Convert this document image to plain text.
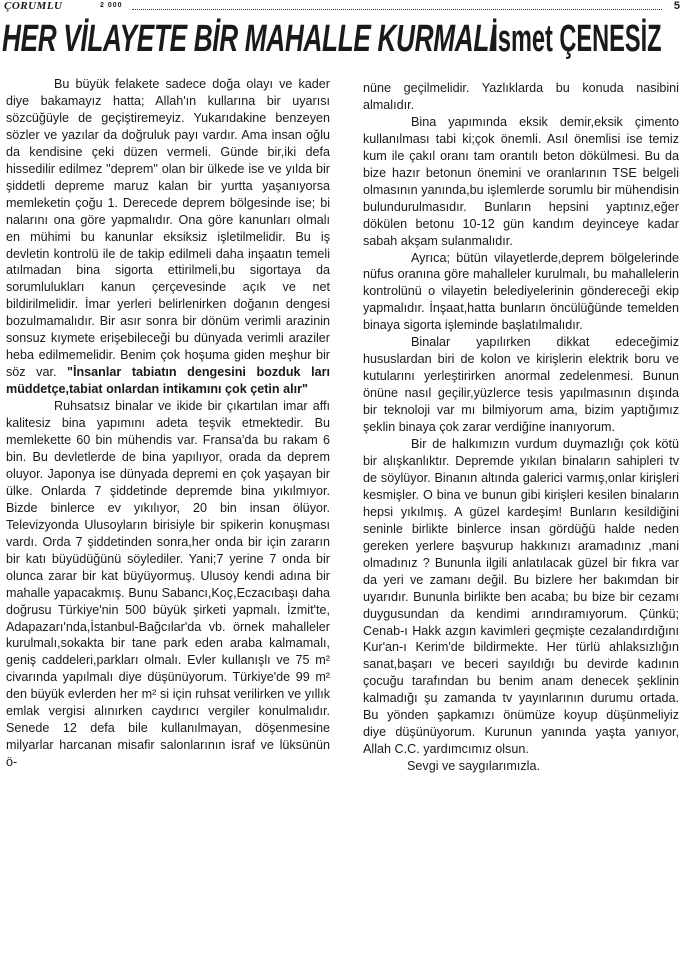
ÇORUMLU	2 000	5
HER VİLAYETE BİR MAHALLE KURMALI
İsmet ÇENESİZ

Bu büyük felakete sadece doğa olayı ve kader diye bakamayız hatta; Allah'ın kullarına bir uyarısı sözcüğüyle de geçiştiremeyiz. Yukarıdakine benzeyen sözler ve yazılar da doğruluk payı vardır. Ama insan oğlu da kendisine çeki düzen vermeli. Günde bir,iki defa hissedilir edilmez "deprem" olan bir ülkede ise ve yılda bir şiddetli depreme maruz kalan bir yurtta yaşanıyorsa memleketin çoğu 1. Derecede deprem bölgesinde ise; bi nalarını ona göre yapmalıdır. Ona göre kanunları olmalı en mühimi bu kanunlar eksiksiz işletilmelidir. Bu iş devletin kontrolü ile de takip edilmeli daha inşaatın temeli atılmadan bina sigorta ettirilmeli,bu sigortaya da sorumlulukları kanun çerçevesinde açık ve net bildirilmelidir. İmar yerleri belirlenirken doğanın dengesi bozulmamalıdır. Bir asır sonra bir dönüm verimli arazinin sonsuz kıymete erişebileceği bu dünyada verimli araziler heba edilmemelidir. Benim çok hoşuma giden meşhur bir söz var. "İnsanlar tabiatın dengesini bozduk ları müddetçe,tabiat onlardan intikamını çok çetin alır"

Ruhsatsız binalar ve ikide bir çıkartılan imar affı kalitesiz bina yapımını adeta teşvik etmektedir. Bu memlekette 60 bin mühendis var. Fransa'da bu rakam 6 bin. Bu devletlerde de bina yapılıyor, orada da deprem oluyor. Japonya ise dünyada depremi en çok yaşayan bir ülke. Onlarda 7 şiddetinde depremde bina yıkılmıyor. Bizde binlerce ev yıkılıyor, 20 bin insan ölüyor. Televizyonda Ulusoyların birisiyle bir spikerin konuşması vardı. Orda 7 şiddetinden sonra,her onda bir için zararın bir katı büyüdüğünü söylediler. Yani;7 yerine 7 onda bir olunca zarar bir kat büyüyormuş. Ulusoy kendi adına bir mahalle yapacakmış. Bunu Sabancı,Koç,Eczacıbaşı daha doğrusu Türkiye'nin 500 büyük şirketi yapmalı. İzmit'te, Adapazarı'nda,İstanbul-Bağcılar'da vb. örnek mahalleler kurulmalı,sokakta bir tane park eden araba kalmamalı, geniş caddeleri,parkları olmalı. Evler kullanışlı ve 75 m² civarında yapılmalı diye düşünüyorum. Türkiye'de 99 m² den büyük evlerden her m² si için ruhsat verilirken ve yıllık emlak vergisi alınırken caydırıcı vergiler konulmalıdır. Senede 12 defa bile kullanılmayan, döşenmesine milyarlar harcanan misafir salonlarının israf ve lüksünün ö-

nüne geçilmelidir. Yazlıklarda bu konuda nasibini almalıdır.

Bina yapımında eksik demir,eksik çimento kullanılması tabi ki;çok önemli. Asıl önemlisi ise temiz kum ile çakıl oranı tam orantılı beton dökülmesi. Bu da bize hazır betonun önemini ve oranlarının TSE belgeli olmasının yanında,bu işlemlerde sorumlu bir mühendisin bulundurulmasıdır. Bunların hepsini yaptınız,eğer dökülen betonu 10-12 gün kandım deyinceye kadar sabah akşam sulanmalıdır.

Ayrıca; bütün vilayetlerde,deprem bölgelerinde nüfus oranına göre mahalleler kurulmalı, bu mahallelerin kontrolünü o vilayetin belediyelerinin göndereceği ekip yapmalıdır. İnşaat,hatta bunların öncülüğünde temelden binaya sigorta işleminde başlatılmalıdır.

Binalar yapılırken dikkat edeceğimiz hususlardan biri de kolon ve kirişlerin elektrik boru ve kutularını yerleştirirken anormal zedelenmesi. Bunun önüne nasıl geçilir,yüzlerce tesis yapılmasının dışında bir teknoloji var mı bilmiyorum ama, bizim yaptığımız şeklin binaya çok zarar verdiğine inanıyorum.

Bir de halkımızın vurdum duymazlığı çok kötü bir alışkanlıktır. Depremde yıkılan binaların sahipleri tv de söylüyor. Binanın altında galerici varmış,onlar kirişleri kesmişler. O bina ve bunun gibi kirişleri kesilen binaların hepsi yıkılmış. A güzel kardeşim! Bunların kesildiğini seninle birlikte binlerce insan gördüğü halde neden gereken yerlere başvurup hakkınızı aramadınız ,mani olmadınız ? Bununla ilgili anlatılacak güzel bir fıkra var da yeri ve zamanı değil. Bu bizlere her bakımdan bir uyarıdır. Bununla birlikte ben acaba; bu bize bir cezamı duygusundan da kendimi arındıramıyorum. Çünkü; Cenab-ı Hakk azgın kavimleri geçmişte cezalandırdığını Kur'an-ı Kerim'de bildirmekte. Her türlü ahlaksızlığın sanat,başarı ve beceri sayıldığı bu devirde kadının çocuğu tarafından bu benim anam denecek şeklinin kalmadığı şu zamanda tv yayınlarının durumu ortada. Bu yönden şapkamızı önümüze koyup düşünmeliyiz diye düşünüyorum. Kurunun yanında yaşta yanıyor, Allah C.C. yardımcımız olsun.

Sevgi ve saygılarımızla.
